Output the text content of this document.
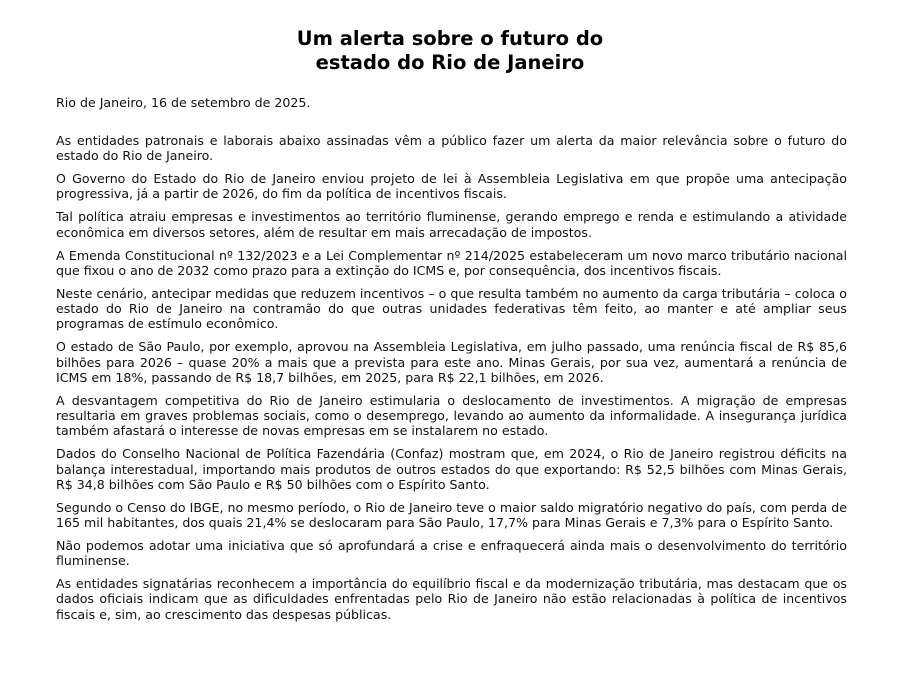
Um alerta sobre o futuro do
estado do Rio de Janeiro

Rio de Janeiro, 16 de setembro de 2025.

As entidades patronais e laborais abaixo assinadas vêm a público fazer um alerta da maior relevância sobre o futuro do estado do Rio de Janeiro.

O Governo do Estado do Rio de Janeiro enviou projeto de lei à Assembleia Legislativa em que propõe uma antecipação progressiva, já a partir de 2026, do fim da política de incentivos fiscais.

Tal política atraiu empresas e investimentos ao território fluminense, gerando emprego e renda e estimulando a atividade econômica em diversos setores, além de resultar em mais arrecadação de impostos.

A Emenda Constitucional nº 132/2023 e a Lei Complementar nº 214/2025 estabeleceram um novo marco tributário nacional que fixou o ano de 2032 como prazo para a extinção do ICMS e, por consequência, dos incentivos fiscais.

Neste cenário, antecipar medidas que reduzem incentivos – o que resulta também no aumento da carga tributária – coloca o estado do Rio de Janeiro na contramão do que outras unidades federativas têm feito, ao manter e até ampliar seus programas de estímulo econômico.

O estado de São Paulo, por exemplo, aprovou na Assembleia Legislativa, em julho passado, uma renúncia fiscal de R$ 85,6 bilhões para 2026 – quase 20% a mais que a prevista para este ano. Minas Gerais, por sua vez, aumentará a renúncia de ICMS em 18%, passando de R$ 18,7 bilhões, em 2025, para R$ 22,1 bilhões, em 2026.

A desvantagem competitiva do Rio de Janeiro estimularia o deslocamento de investimentos. A migração de empresas resultaria em graves problemas sociais, como o desemprego, levando ao aumento da informalidade. A insegurança jurídica também afastará o interesse de novas empresas em se instalarem no estado.

Dados do Conselho Nacional de Política Fazendária (Confaz) mostram que, em 2024, o Rio de Janeiro registrou déficits na balança interestadual, importando mais produtos de outros estados do que exportando: R$ 52,5 bilhões com Minas Gerais, R$ 34,8 bilhões com São Paulo e R$ 50 bilhões com o Espírito Santo.

Segundo o Censo do IBGE, no mesmo período, o Rio de Janeiro teve o maior saldo migratório negativo do país, com perda de 165 mil habitantes, dos quais 21,4% se deslocaram para São Paulo, 17,7% para Minas Gerais e 7,3% para o Espírito Santo.

Não podemos adotar uma iniciativa que só aprofundará a crise e enfraquecerá ainda mais o desenvolvimento do território fluminense.

As entidades signatárias reconhecem a importância do equilíbrio fiscal e da modernização tributária, mas destacam que os dados oficiais indicam que as dificuldades enfrentadas pelo Rio de Janeiro não estão relacionadas à política de incentivos fiscais e, sim, ao crescimento das despesas públicas.
